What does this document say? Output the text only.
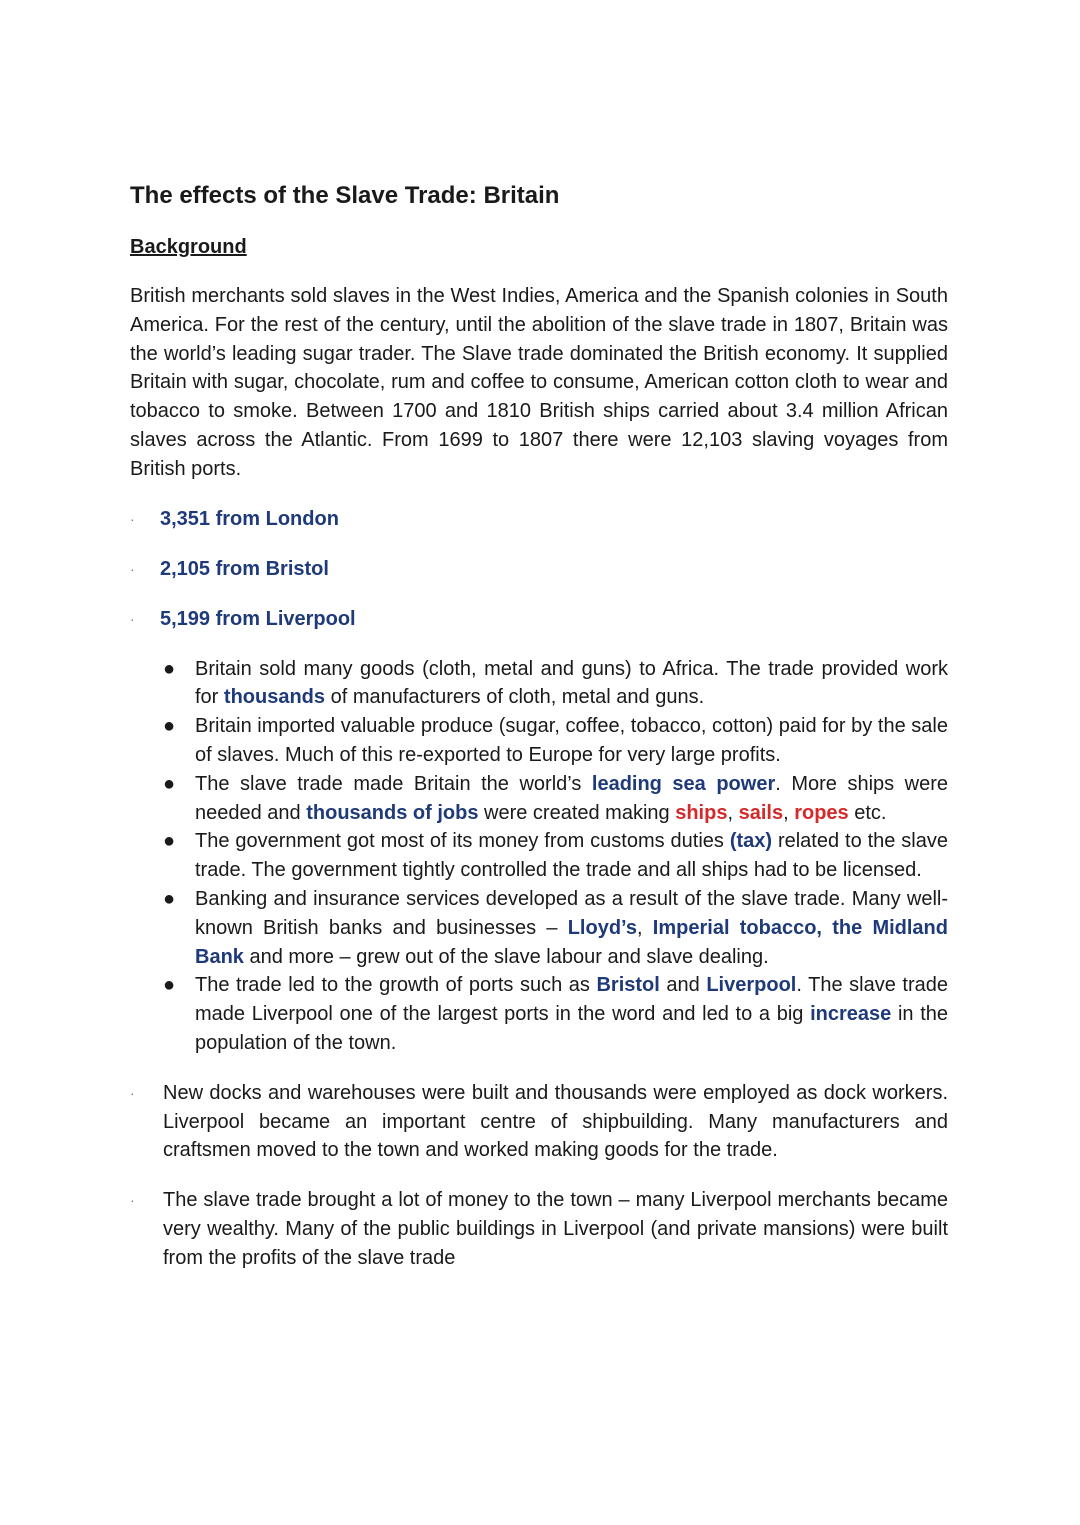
The effects of the Slave Trade: Britain
Background

British merchants sold slaves in the West Indies, America and the Spanish colonies in South America. For the rest of the century, until the abolition of the slave trade in 1807, Britain was the world’s leading sugar trader. The Slave trade dominated the British economy. It supplied Britain with sugar, chocolate, rum and coffee to consume, American cotton cloth to wear and tobacco to smoke. Between 1700 and 1810 British ships carried about 3.4 million African slaves across the Atlantic. From 1699 to 1807 there were 12,103 slaving voyages from British ports.

· 3,351 from London
· 2,105 from Bristol
· 5,199 from Liverpool
● Britain sold many goods (cloth, metal and guns) to Africa. The trade provided work for thousands of manufacturers of cloth, metal and guns.
● Britain imported valuable produce (sugar, coffee, tobacco, cotton) paid for by the sale of slaves. Much of this re-exported to Europe for very large profits.
● The slave trade made Britain the world’s leading sea power. More ships were needed and thousands of jobs were created making ships, sails, ropes etc.
● The government got most of its money from customs duties (tax) related to the slave trade. The government tightly controlled the trade and all ships had to be licensed.
● Banking and insurance services developed as a result of the slave trade. Many well-known British banks and businesses – Lloyd’s, Imperial tobacco, the Midland Bank and more – grew out of the slave labour and slave dealing.
● The trade led to the growth of ports such as Bristol and Liverpool. The slave trade made Liverpool one of the largest ports in the word and led to a big increase in the population of the town.

· New docks and warehouses were built and thousands were employed as dock workers. Liverpool became an important centre of shipbuilding. Many manufacturers and craftsmen moved to the town and worked making goods for the trade.

· The slave trade brought a lot of money to the town – many Liverpool merchants became very wealthy. Many of the public buildings in Liverpool (and private mansions) were built from the profits of the slave trade
